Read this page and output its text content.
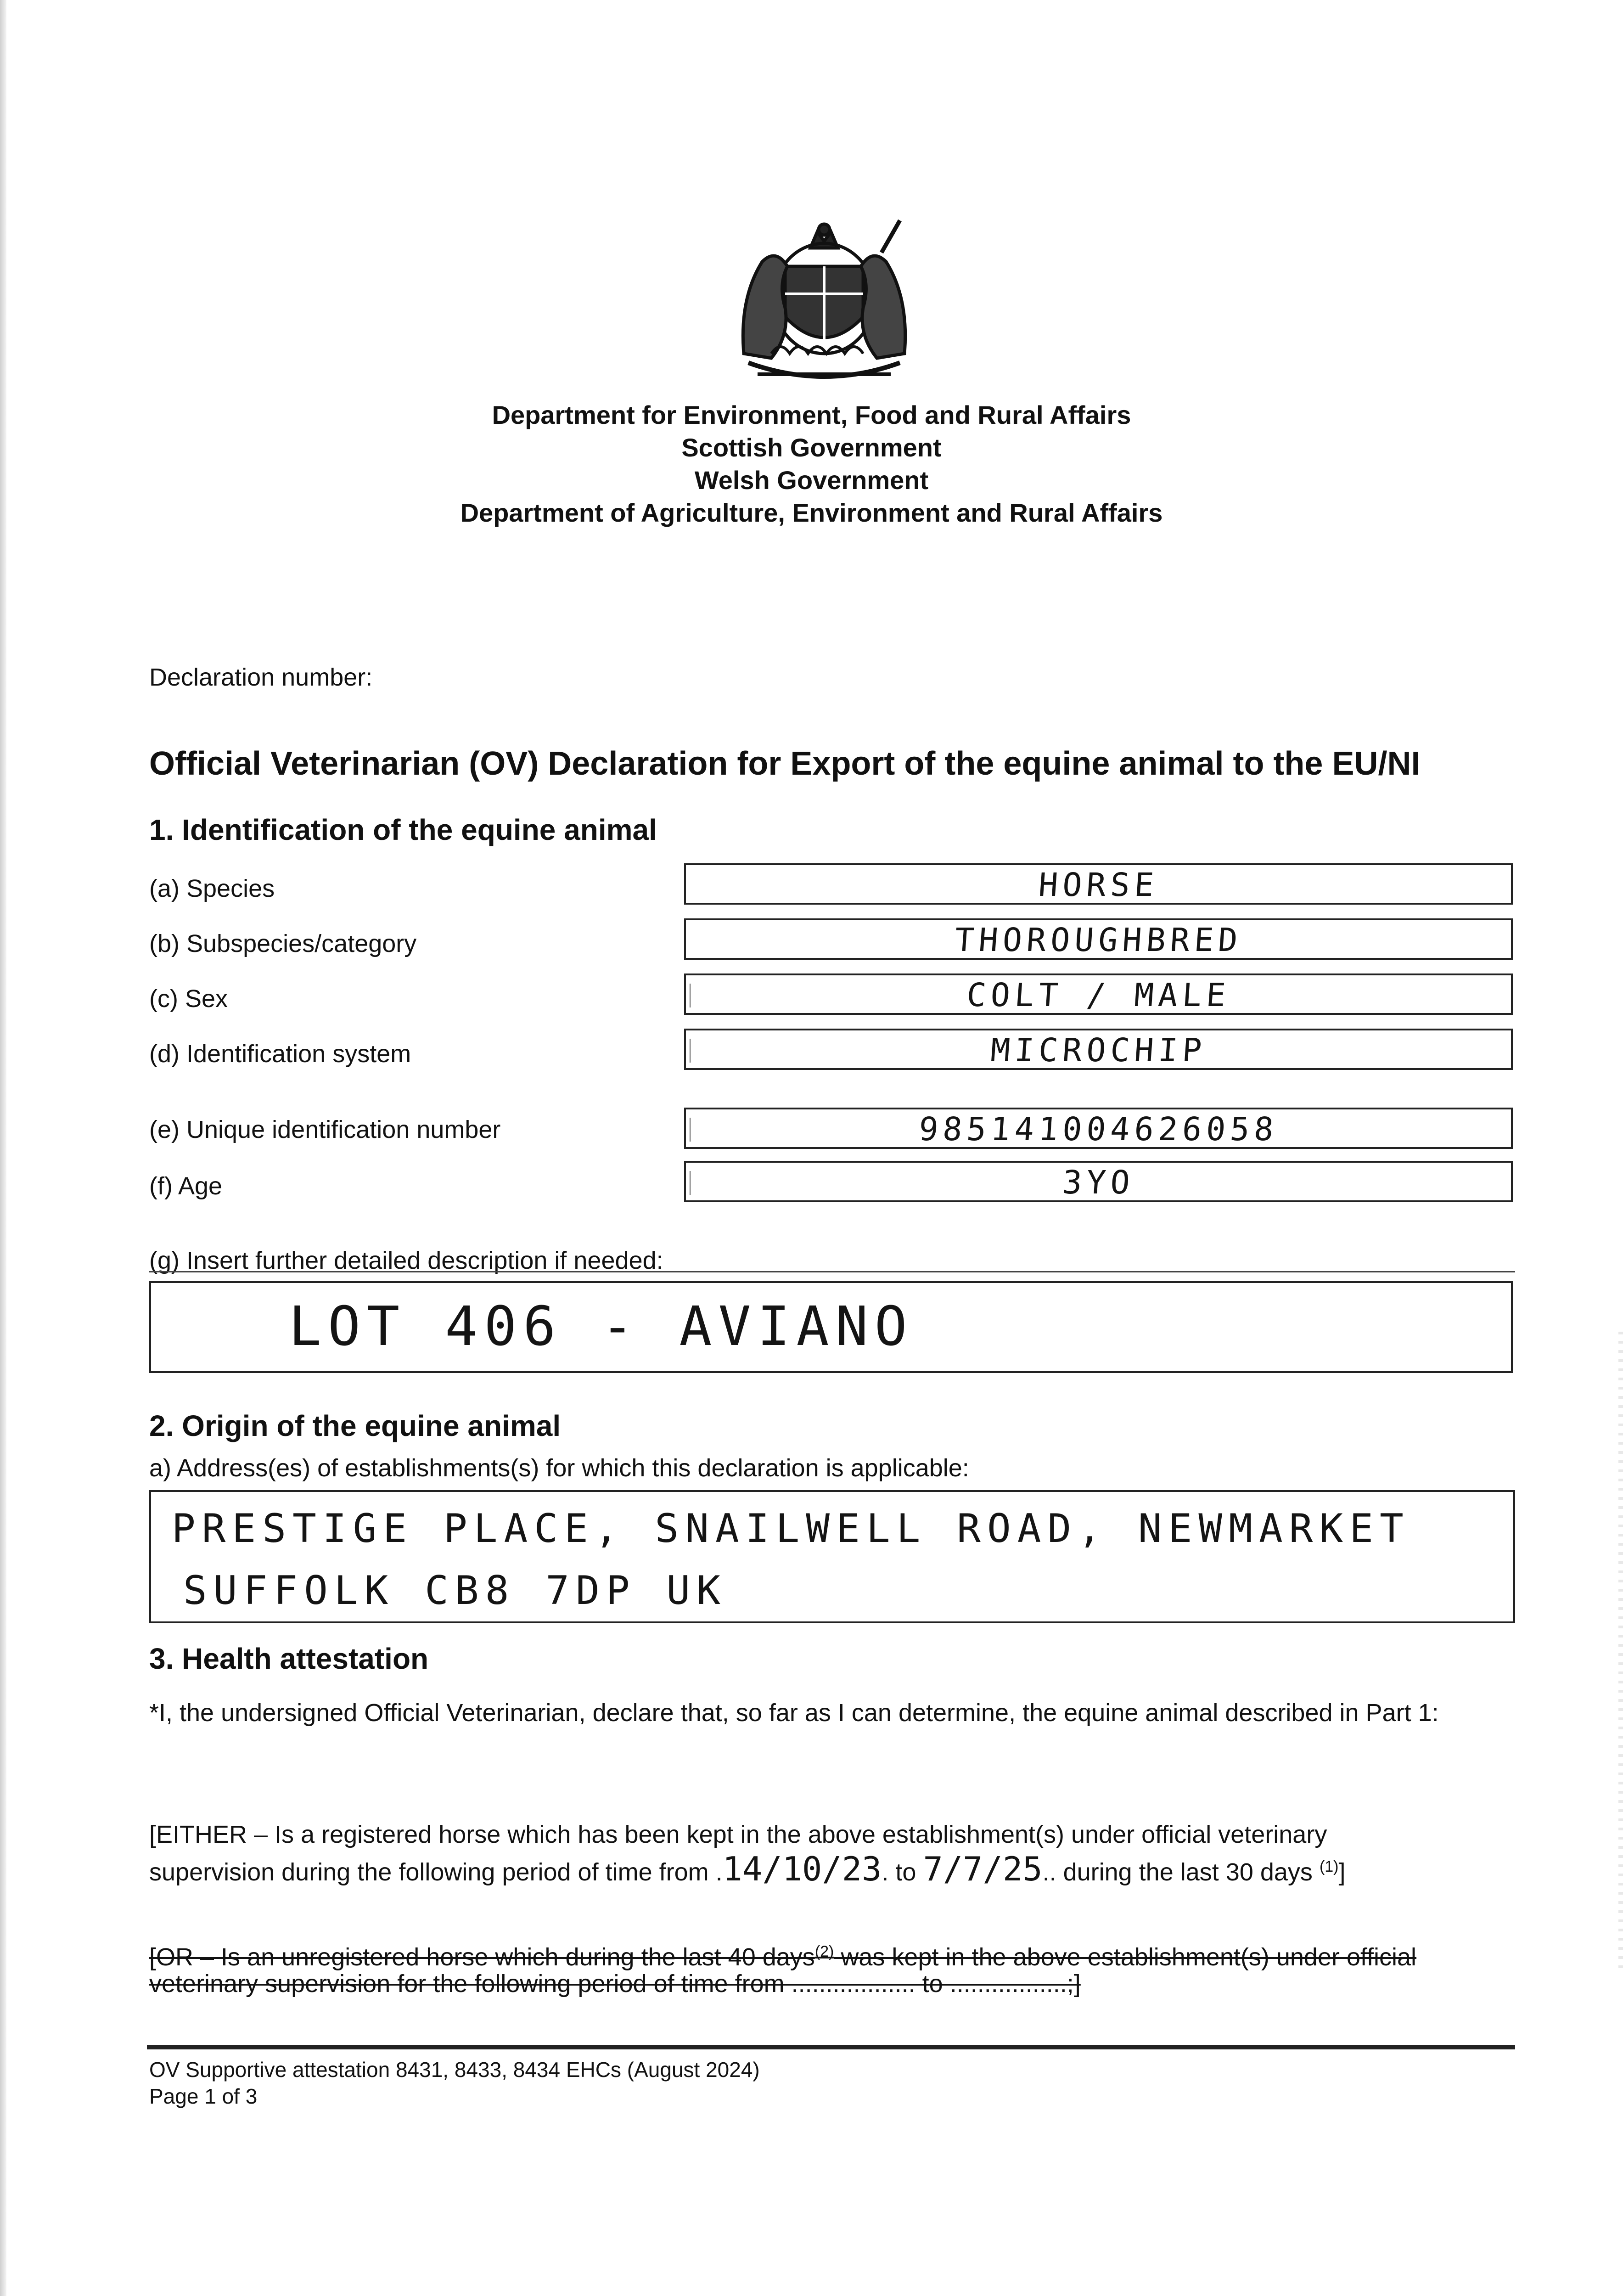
Department for Environment, Food and Rural Affairs
Scottish Government
Welsh Government
Department of Agriculture, Environment and Rural Affairs
Declaration number:
Official Veterinarian (OV) Declaration for Export of the equine animal to the EU/NI
1. Identification of the equine animal
(a) Species	HORSE
(b) Subspecies/category	THOROUGHBRED
(c) Sex	COLT / MALE
(d) Identification system	MICROCHIP
(e) Unique identification number	985141004626058
(f) Age	3YO
(g) Insert further detailed description if needed:
LOT 406 - AVIANO
2. Origin of the equine animal
a) Address(es) of establishments(s) for which this declaration is applicable:
PRESTIGE PLACE, SNAILWELL ROAD, NEWMARKET
SUFFOLK CB8 7DP UK
3. Health attestation
*I, the undersigned Official Veterinarian, declare that, so far as I can determine, the equine animal described in Part 1:
[EITHER – Is a registered horse which has been kept in the above establishment(s) under official veterinary
supervision during the following period of time from .14/10/23. to 7/7/25.. during the last 30 days $^{(1)}$]
[OR – Is an unregistered horse which during the last 40 days$^{(2)}$ was kept in the above establishment(s) under official
veterinary supervision for the following period of time from .................. to .................;]
OV Supportive attestation 8431, 8433, 8434 EHCs (August 2024)
Page 1 of 3
